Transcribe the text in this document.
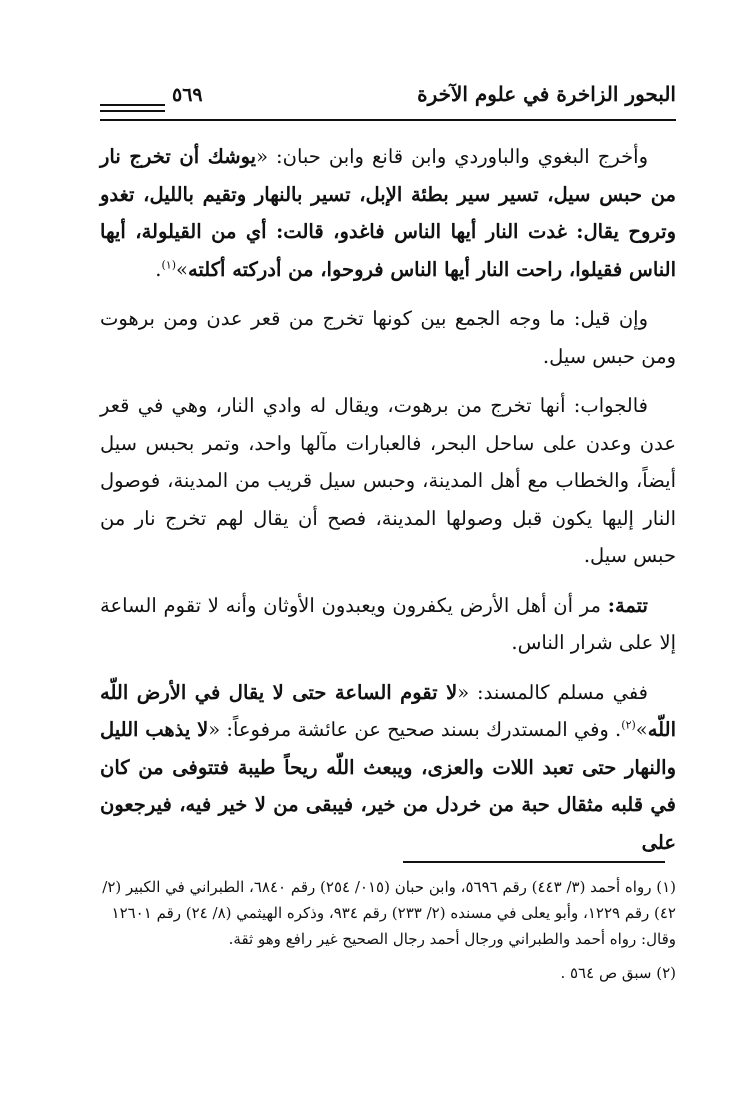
البحور الزاخرة في علوم الآخرة
٥٦٩

وأخرج البغوي والباوردي وابن قانع وابن حبان: «يوشك أن تخرج نار من حبس سيل، تسير سير بطئة الإبل، تسير بالنهار وتقيم بالليل، تغدو وتروح يقال: غدت النار أيها الناس فاغدو، قالت: أي من القيلولة، أيها الناس فقيلوا، راحت النار أيها الناس فروحوا، من أدركته أكلته»$^{(١)}$.

وإن قيل: ما وجه الجمع بين كونها تخرج من قعر عدن ومن برهوت ومن حبس سيل.

فالجواب: أنها تخرج من برهوت، ويقال له وادي النار، وهي في قعر عدن وعدن على ساحل البحر، فالعبارات مآلها واحد، وتمر بحبس سيل أيضاً، والخطاب مع أهل المدينة، وحبس سيل قريب من المدينة، فوصول النار إليها يكون قبل وصولها المدينة، فصح أن يقال لهم تخرج نار من حبس سيل.

تتمة: مر أن أهل الأرض يكفرون ويعبدون الأوثان وأنه لا تقوم الساعة إلا على شرار الناس.

ففي مسلم كالمسند: «لا تقوم الساعة حتى لا يقال في الأرض اللّه اللّه»$^{(٢)}$. وفي المستدرك بسند صحيح عن عائشة مرفوعاً: «لا يذهب الليل والنهار حتى تعبد اللات والعزى، ويبعث اللّه ريحاً طيبة فتتوفى من كان في قلبه مثقال حبة من خردل من خير، فيبقى من لا خير فيه، فيرجعون على

(١) رواه أحمد (٣/ ٤٤٣) رقم ٥٦٩٦، وابن حبان (٠١٥/ ٢٥٤) رقم ٦٨٤٠، الطبراني في الكبير (٢/ ٤٢) رقم ١٢٢٩، وأبو يعلى في مسنده (٢/ ٢٣٣) رقم ٩٣٤، وذكره الهيثمي (٨/ ٢٤) رقم ١٢٦٠١ وقال: رواه أحمد والطبراني ورجال أحمد رجال الصحيح غير رافع وهو ثقة.
(٢) سبق ص ٥٦٤ .
